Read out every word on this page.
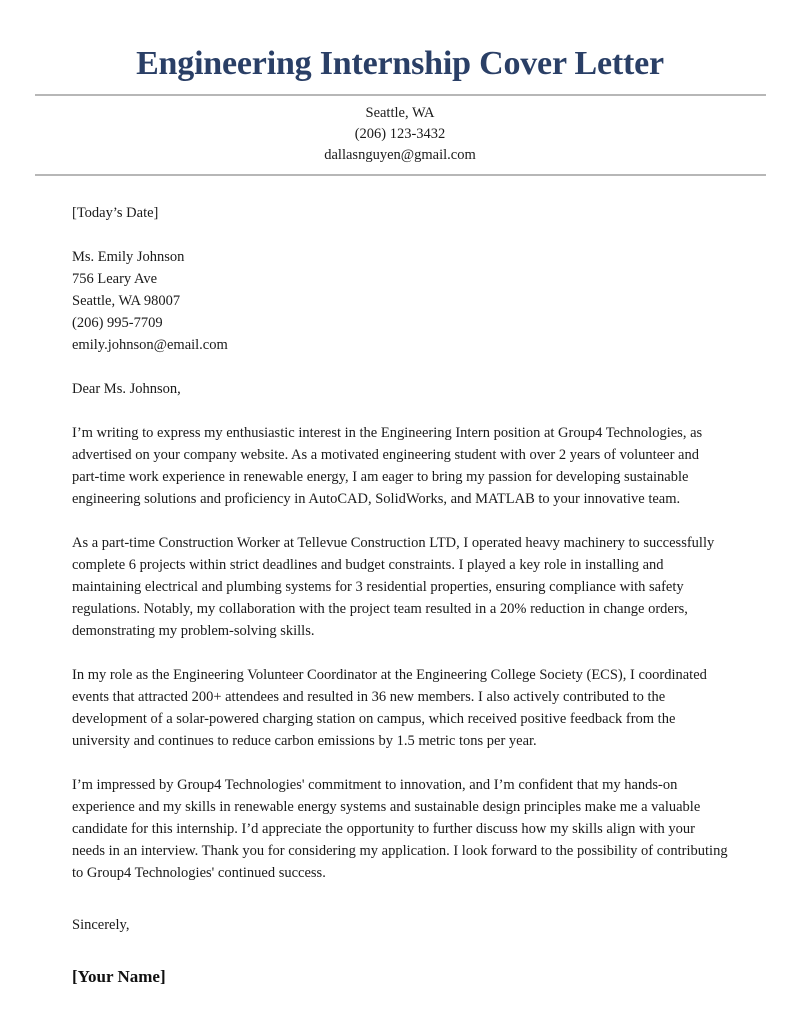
Engineering Internship Cover Letter
Seattle, WA
(206) 123-3432
dallasnguyen@gmail.com
[Today’s Date]
Ms. Emily Johnson
756 Leary Ave
Seattle, WA 98007
(206) 995-7709
emily.johnson@email.com
Dear Ms. Johnson,

I’m writing to express my enthusiastic interest in the Engineering Intern position at Group4 Technologies, as advertised on your company website. As a motivated engineering student with over 2 years of volunteer and part-time work experience in renewable energy, I am eager to bring my passion for developing sustainable engineering solutions and proficiency in AutoCAD, SolidWorks, and MATLAB to your innovative team.

As a part-time Construction Worker at Tellevue Construction LTD, I operated heavy machinery to successfully complete 6 projects within strict deadlines and budget constraints. I played a key role in installing and maintaining electrical and plumbing systems for 3 residential properties, ensuring compliance with safety regulations. Notably, my collaboration with the project team resulted in a 20% reduction in change orders, demonstrating my problem-solving skills.

In my role as the Engineering Volunteer Coordinator at the Engineering College Society (ECS), I coordinated events that attracted 200+ attendees and resulted in 36 new members. I also actively contributed to the development of a solar-powered charging station on campus, which received positive feedback from the university and continues to reduce carbon emissions by 1.5 metric tons per year.

I’m impressed by Group4 Technologies' commitment to innovation, and I’m confident that my hands-on experience and my skills in renewable energy systems and sustainable design principles make me a valuable candidate for this internship. I’d appreciate the opportunity to further discuss how my skills align with your needs in an interview. Thank you for considering my application. I look forward to the possibility of contributing to Group4 Technologies' continued success.

Sincerely,
[Your Name]
